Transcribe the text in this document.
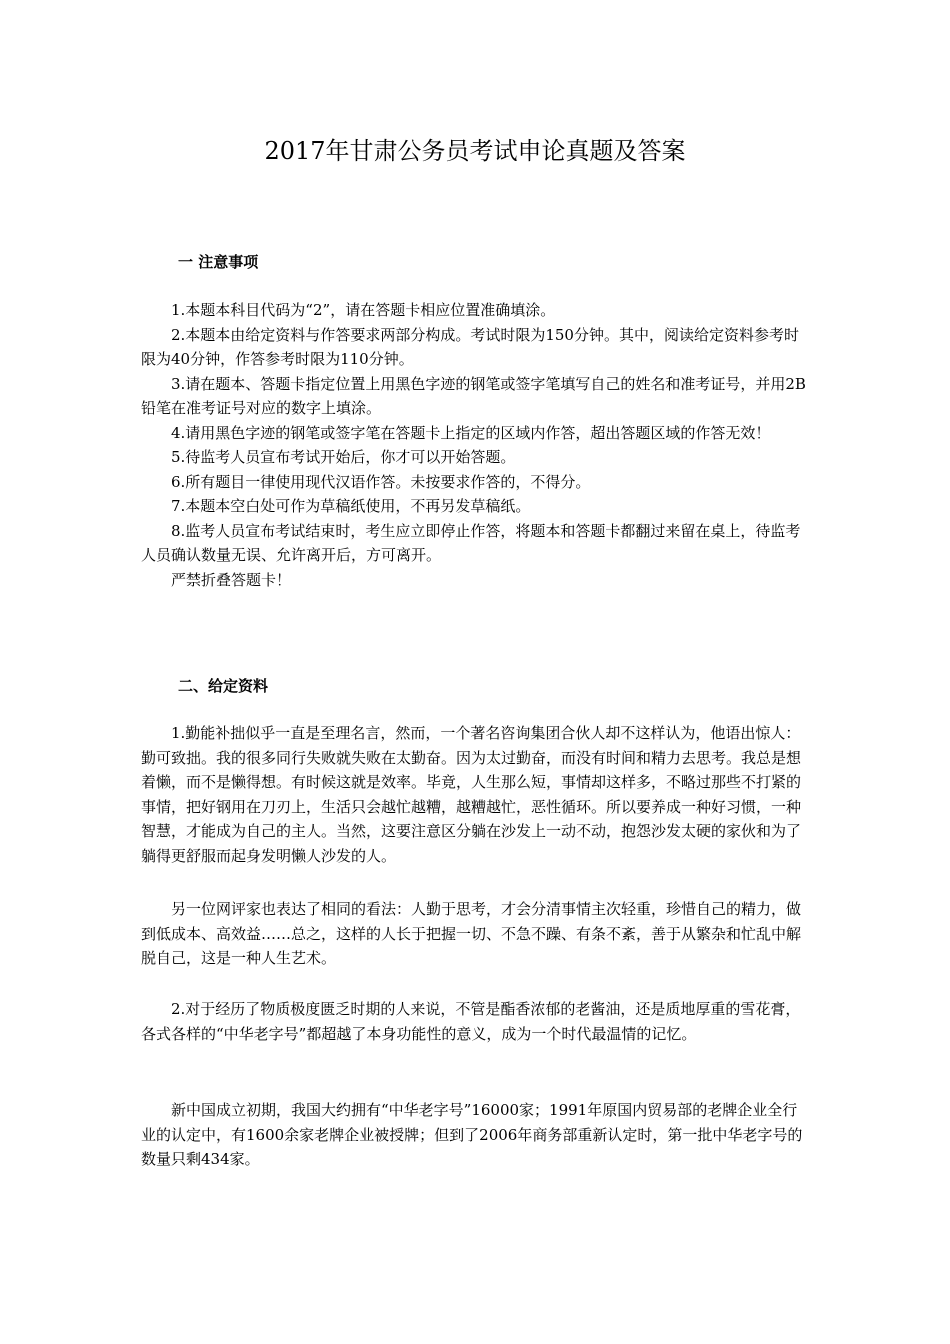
2017年甘肃公务员考试申论真题及答案
一 注意事项

1.本题本科目代码为“2”，请在答题卡相应位置准确填涂。

2.本题本由给定资料与作答要求两部分构成。考试时限为150分钟。其中，阅读给定资料参考时限为40分钟，作答参考时限为110分钟。

3.请在题本、答题卡指定位置上用黑色字迹的钢笔或签字笔填写自己的姓名和准考证号，并用2B铅笔在准考证号对应的数字上填涂。

4.请用黑色字迹的钢笔或签字笔在答题卡上指定的区域内作答，超出答题区域的作答无效！

5.待监考人员宣布考试开始后，你才可以开始答题。

6.所有题目一律使用现代汉语作答。未按要求作答的，不得分。

7.本题本空白处可作为草稿纸使用，不再另发草稿纸。

8.监考人员宣布考试结束时，考生应立即停止作答，将题本和答题卡都翻过来留在桌上，待监考人员确认数量无误、允许离开后，方可离开。

严禁折叠答题卡！

二、给定资料

1.勤能补拙似乎一直是至理名言，然而，一个著名咨询集团合伙人却不这样认为，他语出惊人：勤可致拙。我的很多同行失败就失败在太勤奋。因为太过勤奋，而没有时间和精力去思考。我总是想着懒，而不是懒得想。有时候这就是效率。毕竟，人生那么短，事情却这样多，不略过那些不打紧的事情，把好钢用在刀刃上，生活只会越忙越糟，越糟越忙，恶性循环。所以要养成一种好习惯，一种智慧，才能成为自己的主人。当然，这要注意区分躺在沙发上一动不动，抱怨沙发太硬的家伙和为了躺得更舒服而起身发明懒人沙发的人。

另一位网评家也表达了相同的看法：人勤于思考，才会分清事情主次轻重，珍惜自己的精力，做到低成本、高效益……总之，这样的人长于把握一切、不急不躁、有条不紊，善于从繁杂和忙乱中解脱自己，这是一种人生艺术。

2.对于经历了物质极度匮乏时期的人来说，不管是酯香浓郁的老酱油，还是质地厚重的雪花膏，各式各样的“中华老字号”都超越了本身功能性的意义，成为一个时代最温情的记忆。

新中国成立初期，我国大约拥有“中华老字号”16000家；1991年原国内贸易部的老牌企业全行业的认定中，有1600余家老牌企业被授牌；但到了2006年商务部重新认定时，第一批中华老字号的数量只剩434家。
